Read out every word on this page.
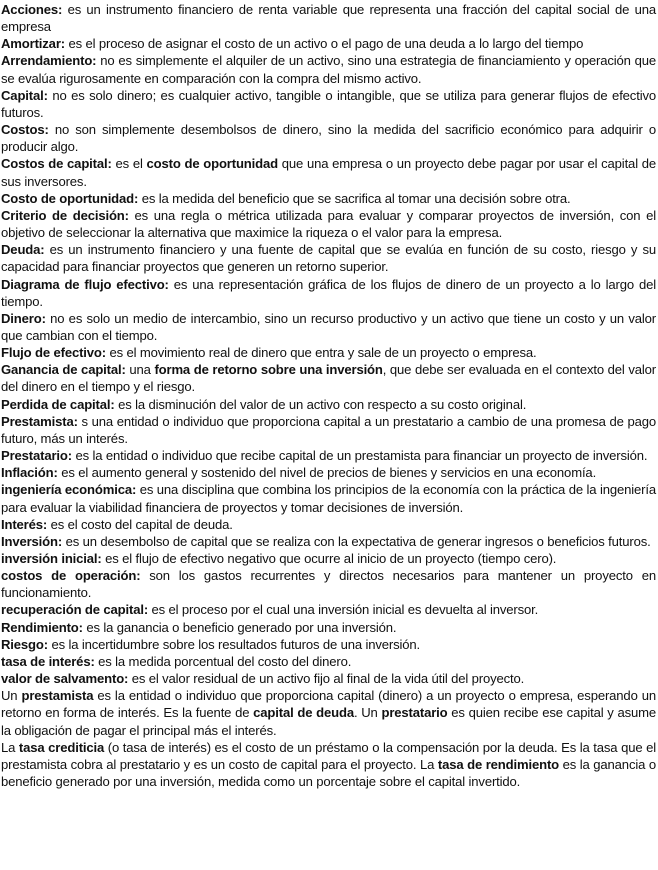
Acciones: es un instrumento financiero de renta variable que representa una fracción del capital social de una empresa

Amortizar: es el proceso de asignar el costo de un activo o el pago de una deuda a lo largo del tiempo

Arrendamiento: no es simplemente el alquiler de un activo, sino una estrategia de financiamiento y operación que se evalúa rigurosamente en comparación con la compra del mismo activo.

Capital: no es solo dinero; es cualquier activo, tangible o intangible, que se utiliza para generar flujos de efectivo futuros.

Costos: no son simplemente desembolsos de dinero, sino la medida del sacrificio económico para adquirir o producir algo.

Costos de capital: es el costo de oportunidad que una empresa o un proyecto debe pagar por usar el capital de sus inversores.

Costo de oportunidad: es la medida del beneficio que se sacrifica al tomar una decisión sobre otra.

Criterio de decisión: es una regla o métrica utilizada para evaluar y comparar proyectos de inversión, con el objetivo de seleccionar la alternativa que maximice la riqueza o el valor para la empresa.

Deuda: es un instrumento financiero y una fuente de capital que se evalúa en función de su costo, riesgo y su capacidad para financiar proyectos que generen un retorno superior.

Diagrama de flujo efectivo: es una representación gráfica de los flujos de dinero de un proyecto a lo largo del tiempo.

Dinero: no es solo un medio de intercambio, sino un recurso productivo y un activo que tiene un costo y un valor que cambian con el tiempo.

Flujo de efectivo: es el movimiento real de dinero que entra y sale de un proyecto o empresa.

Ganancia de capital: una forma de retorno sobre una inversión, que debe ser evaluada en el contexto del valor del dinero en el tiempo y el riesgo.

Perdida de capital: es la disminución del valor de un activo con respecto a su costo original.

Prestamista: s una entidad o individuo que proporciona capital a un prestatario a cambio de una promesa de pago futuro, más un interés.

Prestatario: es la entidad o individuo que recibe capital de un prestamista para financiar un proyecto de inversión.

Inflación: es el aumento general y sostenido del nivel de precios de bienes y servicios en una economía.

ingeniería económica: es una disciplina que combina los principios de la economía con la práctica de la ingeniería para evaluar la viabilidad financiera de proyectos y tomar decisiones de inversión.

Interés: es el costo del capital de deuda.

Inversión: es un desembolso de capital que se realiza con la expectativa de generar ingresos o beneficios futuros.

inversión inicial: es el flujo de efectivo negativo que ocurre al inicio de un proyecto (tiempo cero).

costos de operación: son los gastos recurrentes y directos necesarios para mantener un proyecto en funcionamiento.

recuperación de capital: es el proceso por el cual una inversión inicial es devuelta al inversor.

Rendimiento: es la ganancia o beneficio generado por una inversión.

Riesgo: es la incertidumbre sobre los resultados futuros de una inversión.

tasa de interés: es la medida porcentual del costo del dinero.

valor de salvamento: es el valor residual de un activo fijo al final de la vida útil del proyecto.

Un prestamista es la entidad o individuo que proporciona capital (dinero) a un proyecto o empresa, esperando un retorno en forma de interés. Es la fuente de capital de deuda. Un prestatario es quien recibe ese capital y asume la obligación de pagar el principal más el interés.

La tasa crediticia (o tasa de interés) es el costo de un préstamo o la compensación por la deuda. Es la tasa que el prestamista cobra al prestatario y es un costo de capital para el proyecto. La tasa de rendimiento es la ganancia o beneficio generado por una inversión, medida como un porcentaje sobre el capital invertido.
